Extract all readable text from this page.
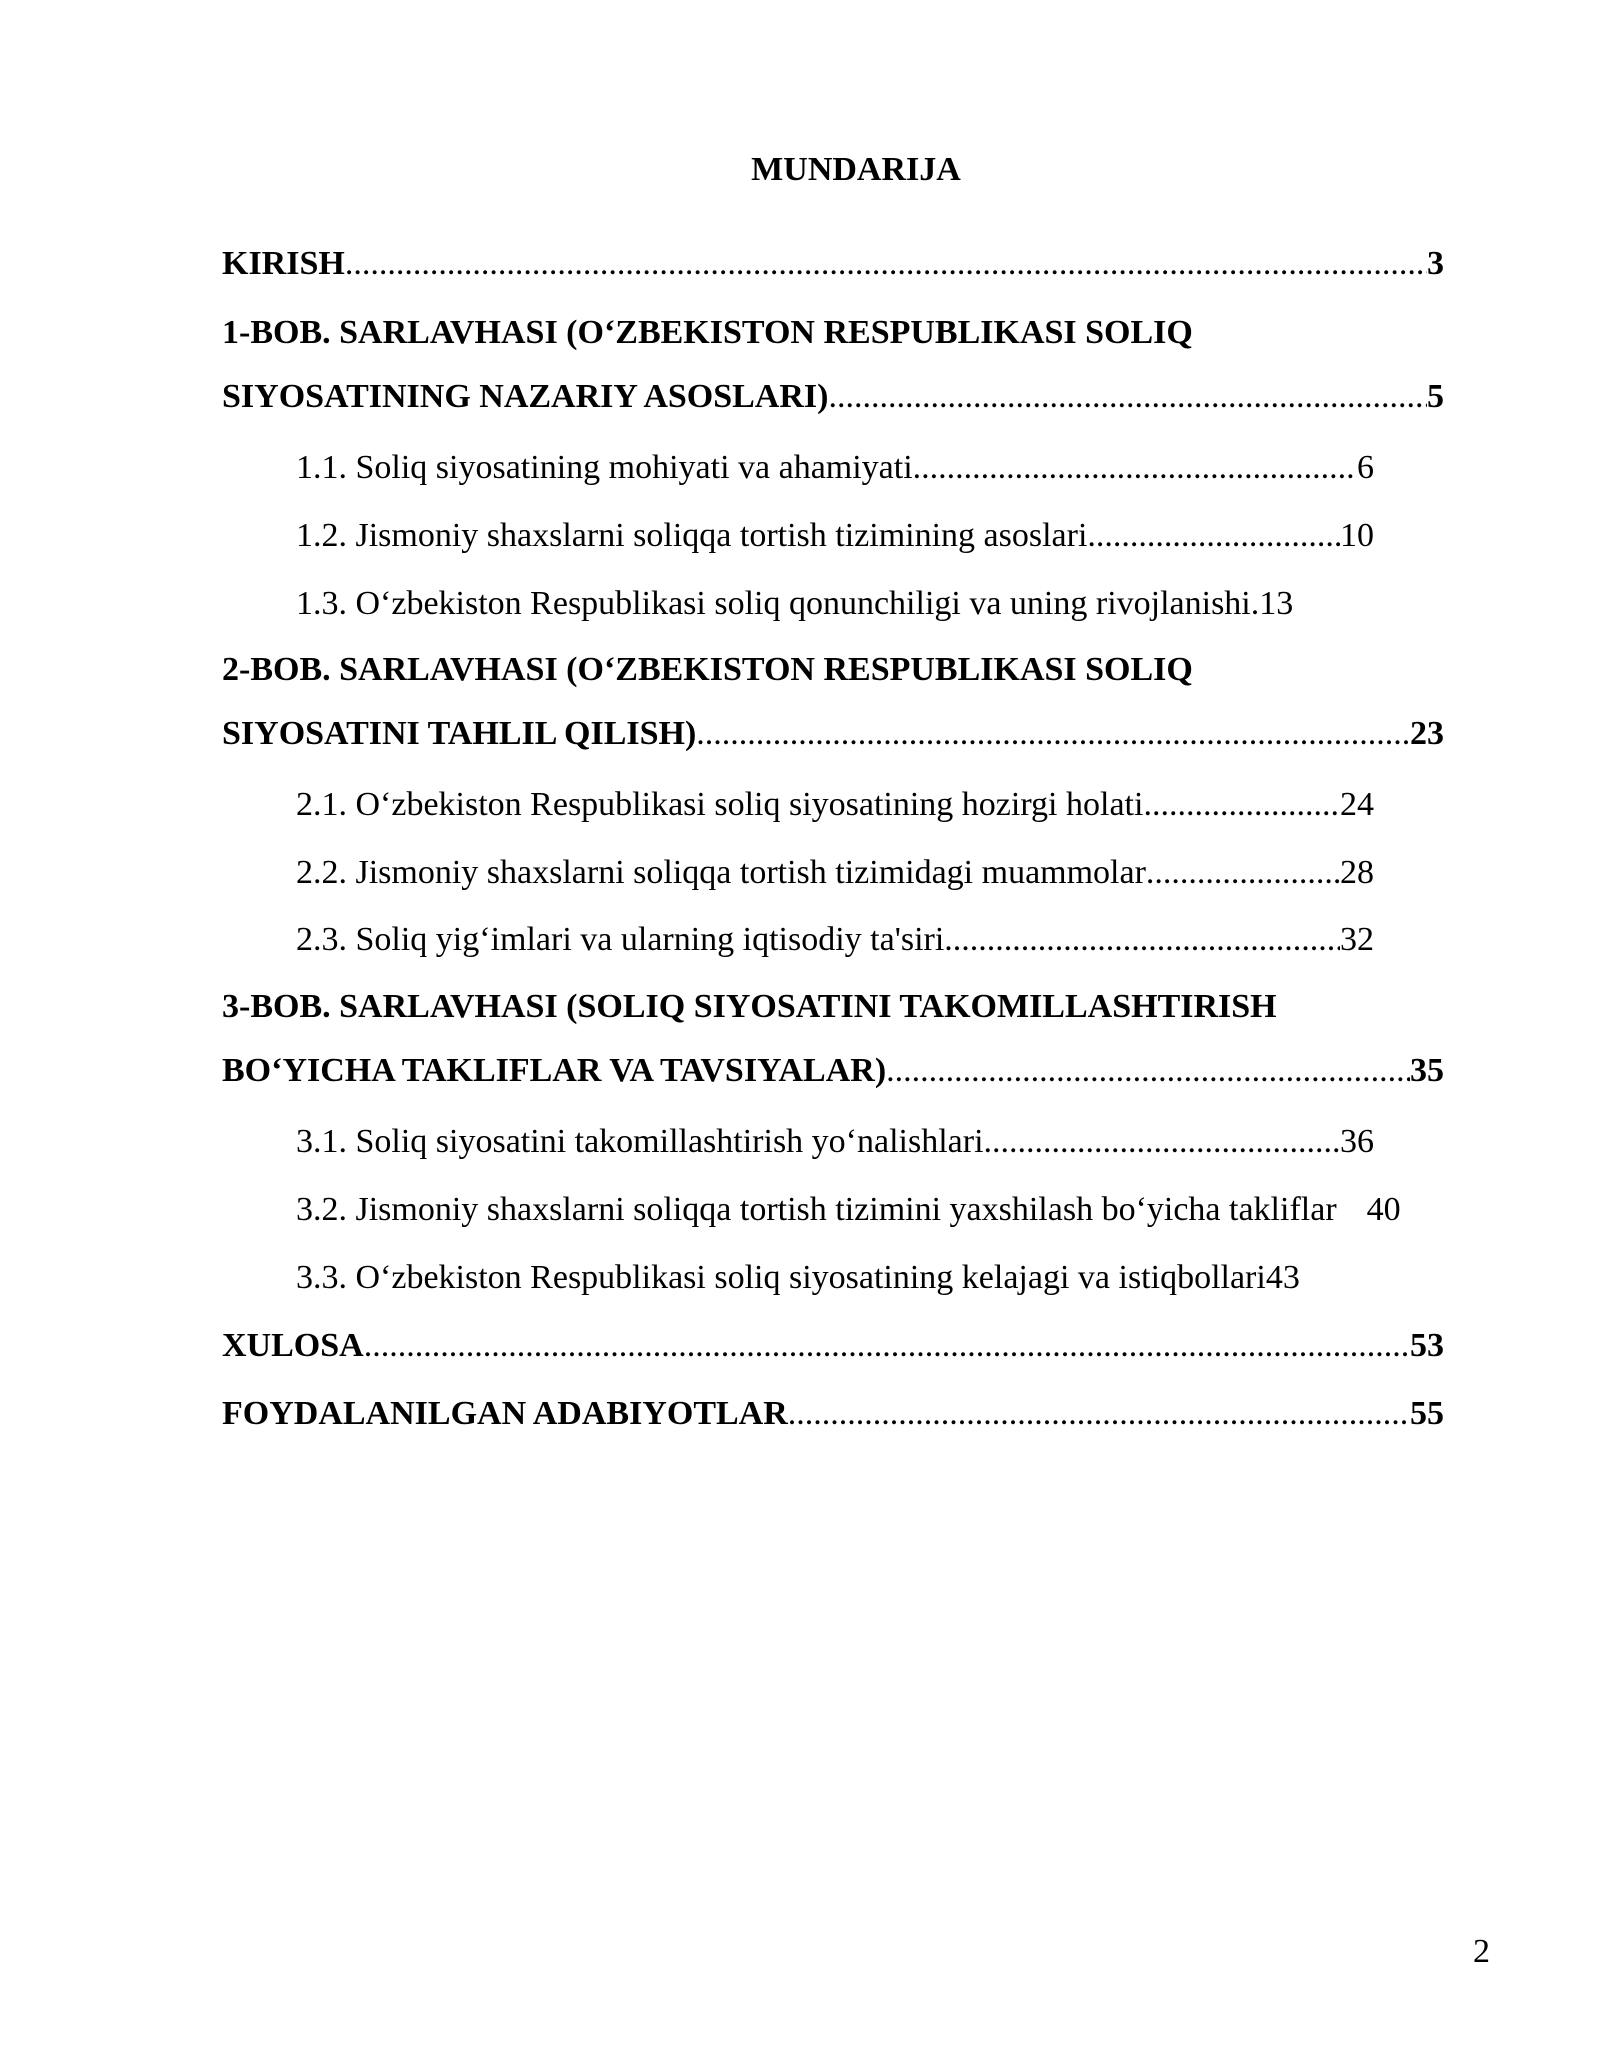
MUNDARIJA
KIRISH .....	3
1-BOB. SARLAVHASI (O‘ZBEKISTON RESPUBLIKASI SOLIQ
SIYOSATINING NAZARIY ASOSLARI) .....	5
1.1. Soliq siyosatining mohiyati va ahamiyati .....	6
1.2. Jismoniy shaxslarni soliqqa tortish tizimining asoslari .....	10
1.3. O‘zbekiston Respublikasi soliq qonunchiligi va uning rivojlanishi. 13
2-BOB. SARLAVHASI (O‘ZBEKISTON RESPUBLIKASI SOLIQ
SIYOSATINI TAHLIL QILISH) .....	23
2.1. O‘zbekiston Respublikasi soliq siyosatining hozirgi holati .....	24
2.2. Jismoniy shaxslarni soliqqa tortish tizimidagi muammolar .....	28
2.3. Soliq yig‘imlari va ularning iqtisodiy ta'siri .....	32
3-BOB. SARLAVHASI (SOLIQ SIYOSATINI TAKOMILLASHTIRISH
BO‘YICHA TAKLIFLAR VA TAVSIYALAR) .....	35
3.1. Soliq siyosatini takomillashtirish yo‘nalishlari .....	36
3.2. Jismoniy shaxslarni soliqqa tortish tizimini yaxshilash bo‘yicha takliflar 40
3.3. O‘zbekiston Respublikasi soliq siyosatining kelajagi va istiqbollari 43
XULOSA .....	53
FOYDALANILGAN ADABIYOTLAR .....	55
2
